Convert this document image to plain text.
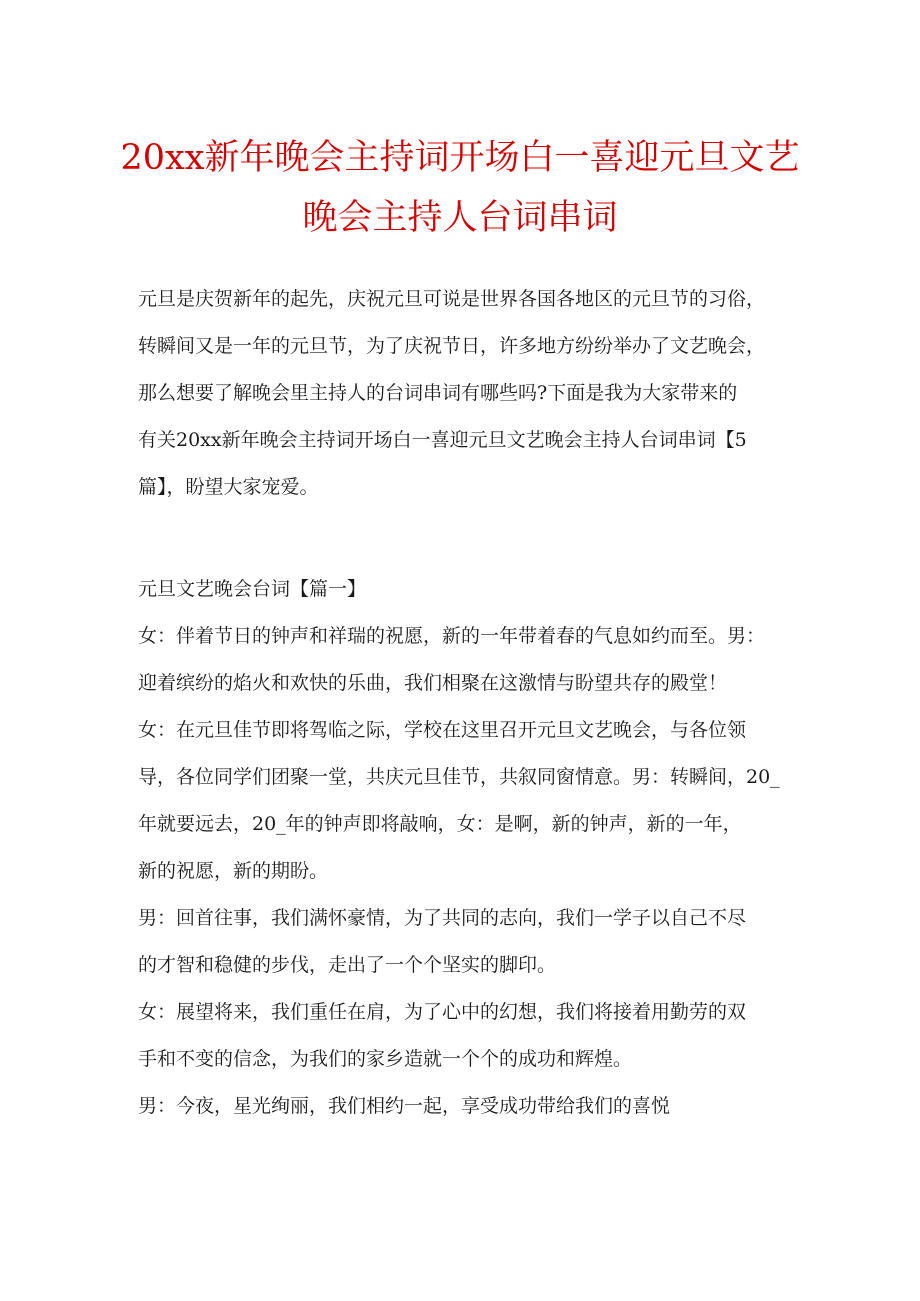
20xx新年晚会主持词开场白一喜迎元旦文艺
晚会主持人台词串词
元旦是庆贺新年的起先，庆祝元旦可说是世界各国各地区的元旦节的习俗，
转瞬间又是一年的元旦节，为了庆祝节日，许多地方纷纷举办了文艺晚会，
那么想要了解晚会里主持人的台词串词有哪些吗?下面是我为大家带来的
有关20xx新年晚会主持词开场白一喜迎元旦文艺晚会主持人台词串词【5
篇】，盼望大家宠爱。
元旦文艺晚会台词【篇一】
女：伴着节日的钟声和祥瑞的祝愿，新的一年带着春的气息如约而至。男：
迎着缤纷的焰火和欢快的乐曲，我们相聚在这激情与盼望共存的殿堂！
女：在元旦佳节即将驾临之际，学校在这里召开元旦文艺晚会，与各位领
导，各位同学们团聚一堂，共庆元旦佳节，共叙同窗情意。男：转瞬间，20_
年就要远去，20_年的钟声即将敲响，女：是啊，新的钟声，新的一年，
新的祝愿，新的期盼。
男：回首往事，我们满怀豪情，为了共同的志向，我们一学子以自己不尽
的才智和稳健的步伐，走出了一个个坚实的脚印。
女：展望将来，我们重任在肩，为了心中的幻想，我们将接着用勤劳的双
手和不变的信念，为我们的家乡造就一个个的成功和辉煌。
男：今夜，星光绚丽，我们相约一起，享受成功带给我们的喜悦
